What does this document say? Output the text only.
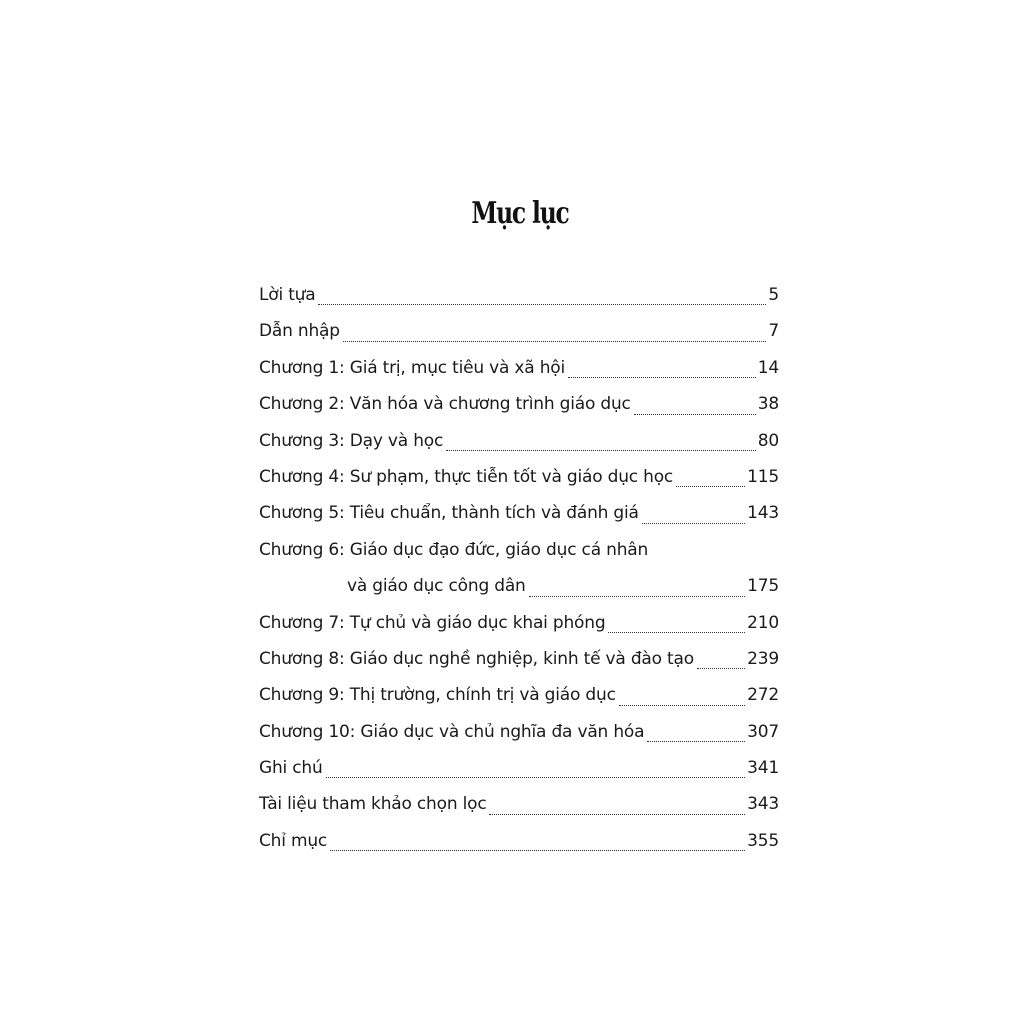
Mục lục
Lời tựa	5
Dẫn nhập	7
Chương 1: Giá trị, mục tiêu và xã hội	14
Chương 2: Văn hóa và chương trình giáo dục	38
Chương 3: Dạy và học	80
Chương 4: Sư phạm, thực tiễn tốt và giáo dục học	115
Chương 5: Tiêu chuẩn, thành tích và đánh giá	143
Chương 6: Giáo dục đạo đức, giáo dục cá nhân
và giáo dục công dân	175
Chương 7: Tự chủ và giáo dục khai phóng	210
Chương 8: Giáo dục nghề nghiệp, kinh tế và đào tạo	239
Chương 9: Thị trường, chính trị và giáo dục	272
Chương 10: Giáo dục và chủ nghĩa đa văn hóa	307
Ghi chú	341
Tài liệu tham khảo chọn lọc	343
Chỉ mục	355
